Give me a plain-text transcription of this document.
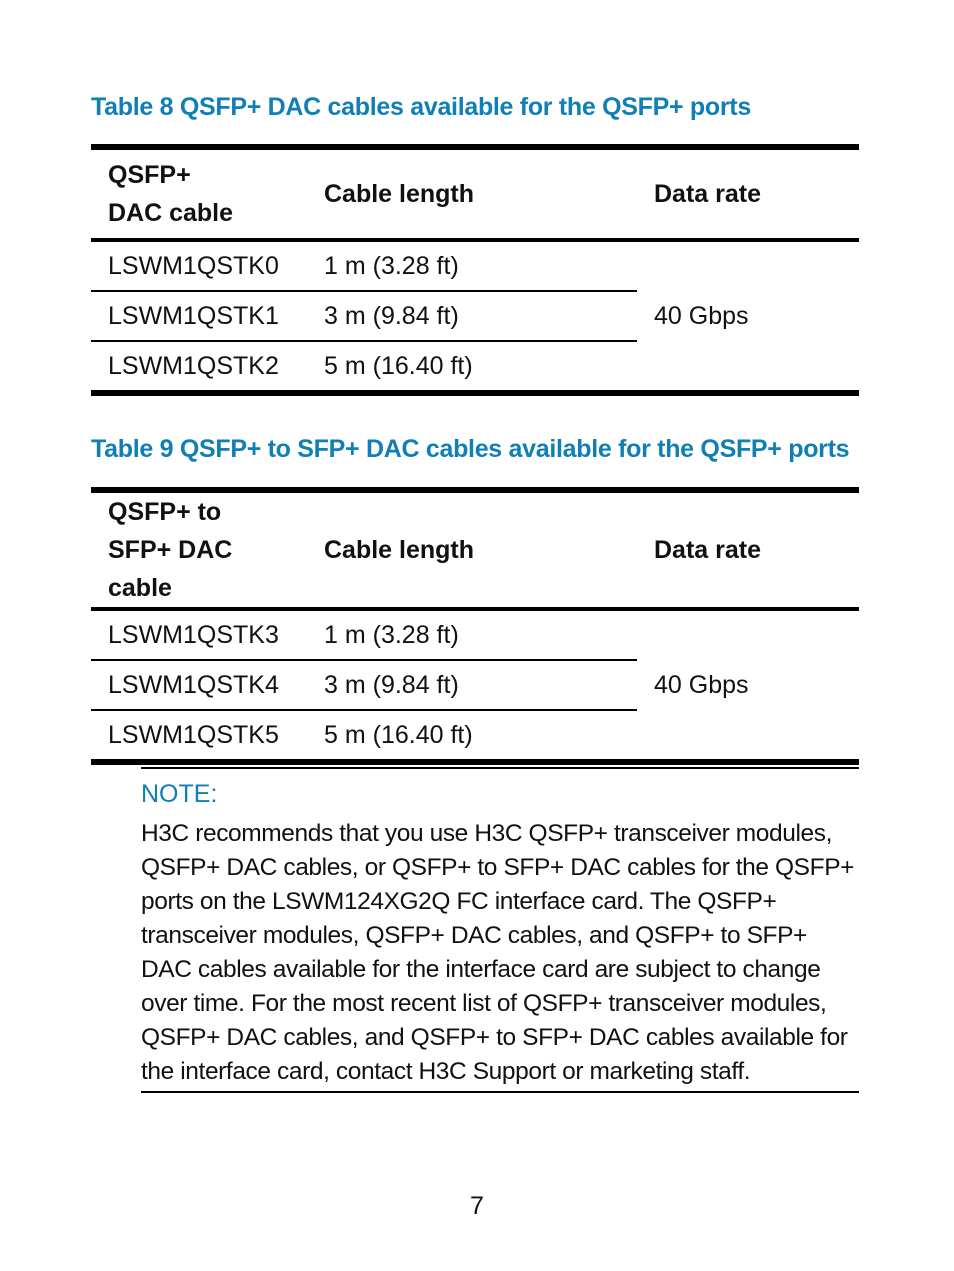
Table 8 QSFP+ DAC cables available for the QSFP+ ports
QSFP+ DAC cable	Cable length	Data rate
LSWM1QSTK0	1 m (3.28 ft)	40 Gbps
LSWM1QSTK1	3 m (9.84 ft)	
LSWM1QSTK2	5 m (16.40 ft)	
Table 9 QSFP+ to SFP+ DAC cables available for the QSFP+ ports
QSFP+ to SFP+ DAC cable	Cable length	Data rate
LSWM1QSTK3	1 m (3.28 ft)	40 Gbps
LSWM1QSTK4	3 m (9.84 ft)	
LSWM1QSTK5	5 m (16.40 ft)	
NOTE:
H3C recommends that you use H3C QSFP+ transceiver modules, QSFP+ DAC cables, or QSFP+ to SFP+ DAC cables for the QSFP+ ports on the LSWM124XG2Q FC interface card. The QSFP+ transceiver modules, QSFP+ DAC cables, and QSFP+ to SFP+ DAC cables available for the interface card are subject to change over time. For the most recent list of QSFP+ transceiver modules, QSFP+ DAC cables, and QSFP+ to SFP+ DAC cables available for the interface card, contact H3C Support or marketing staff.
7
